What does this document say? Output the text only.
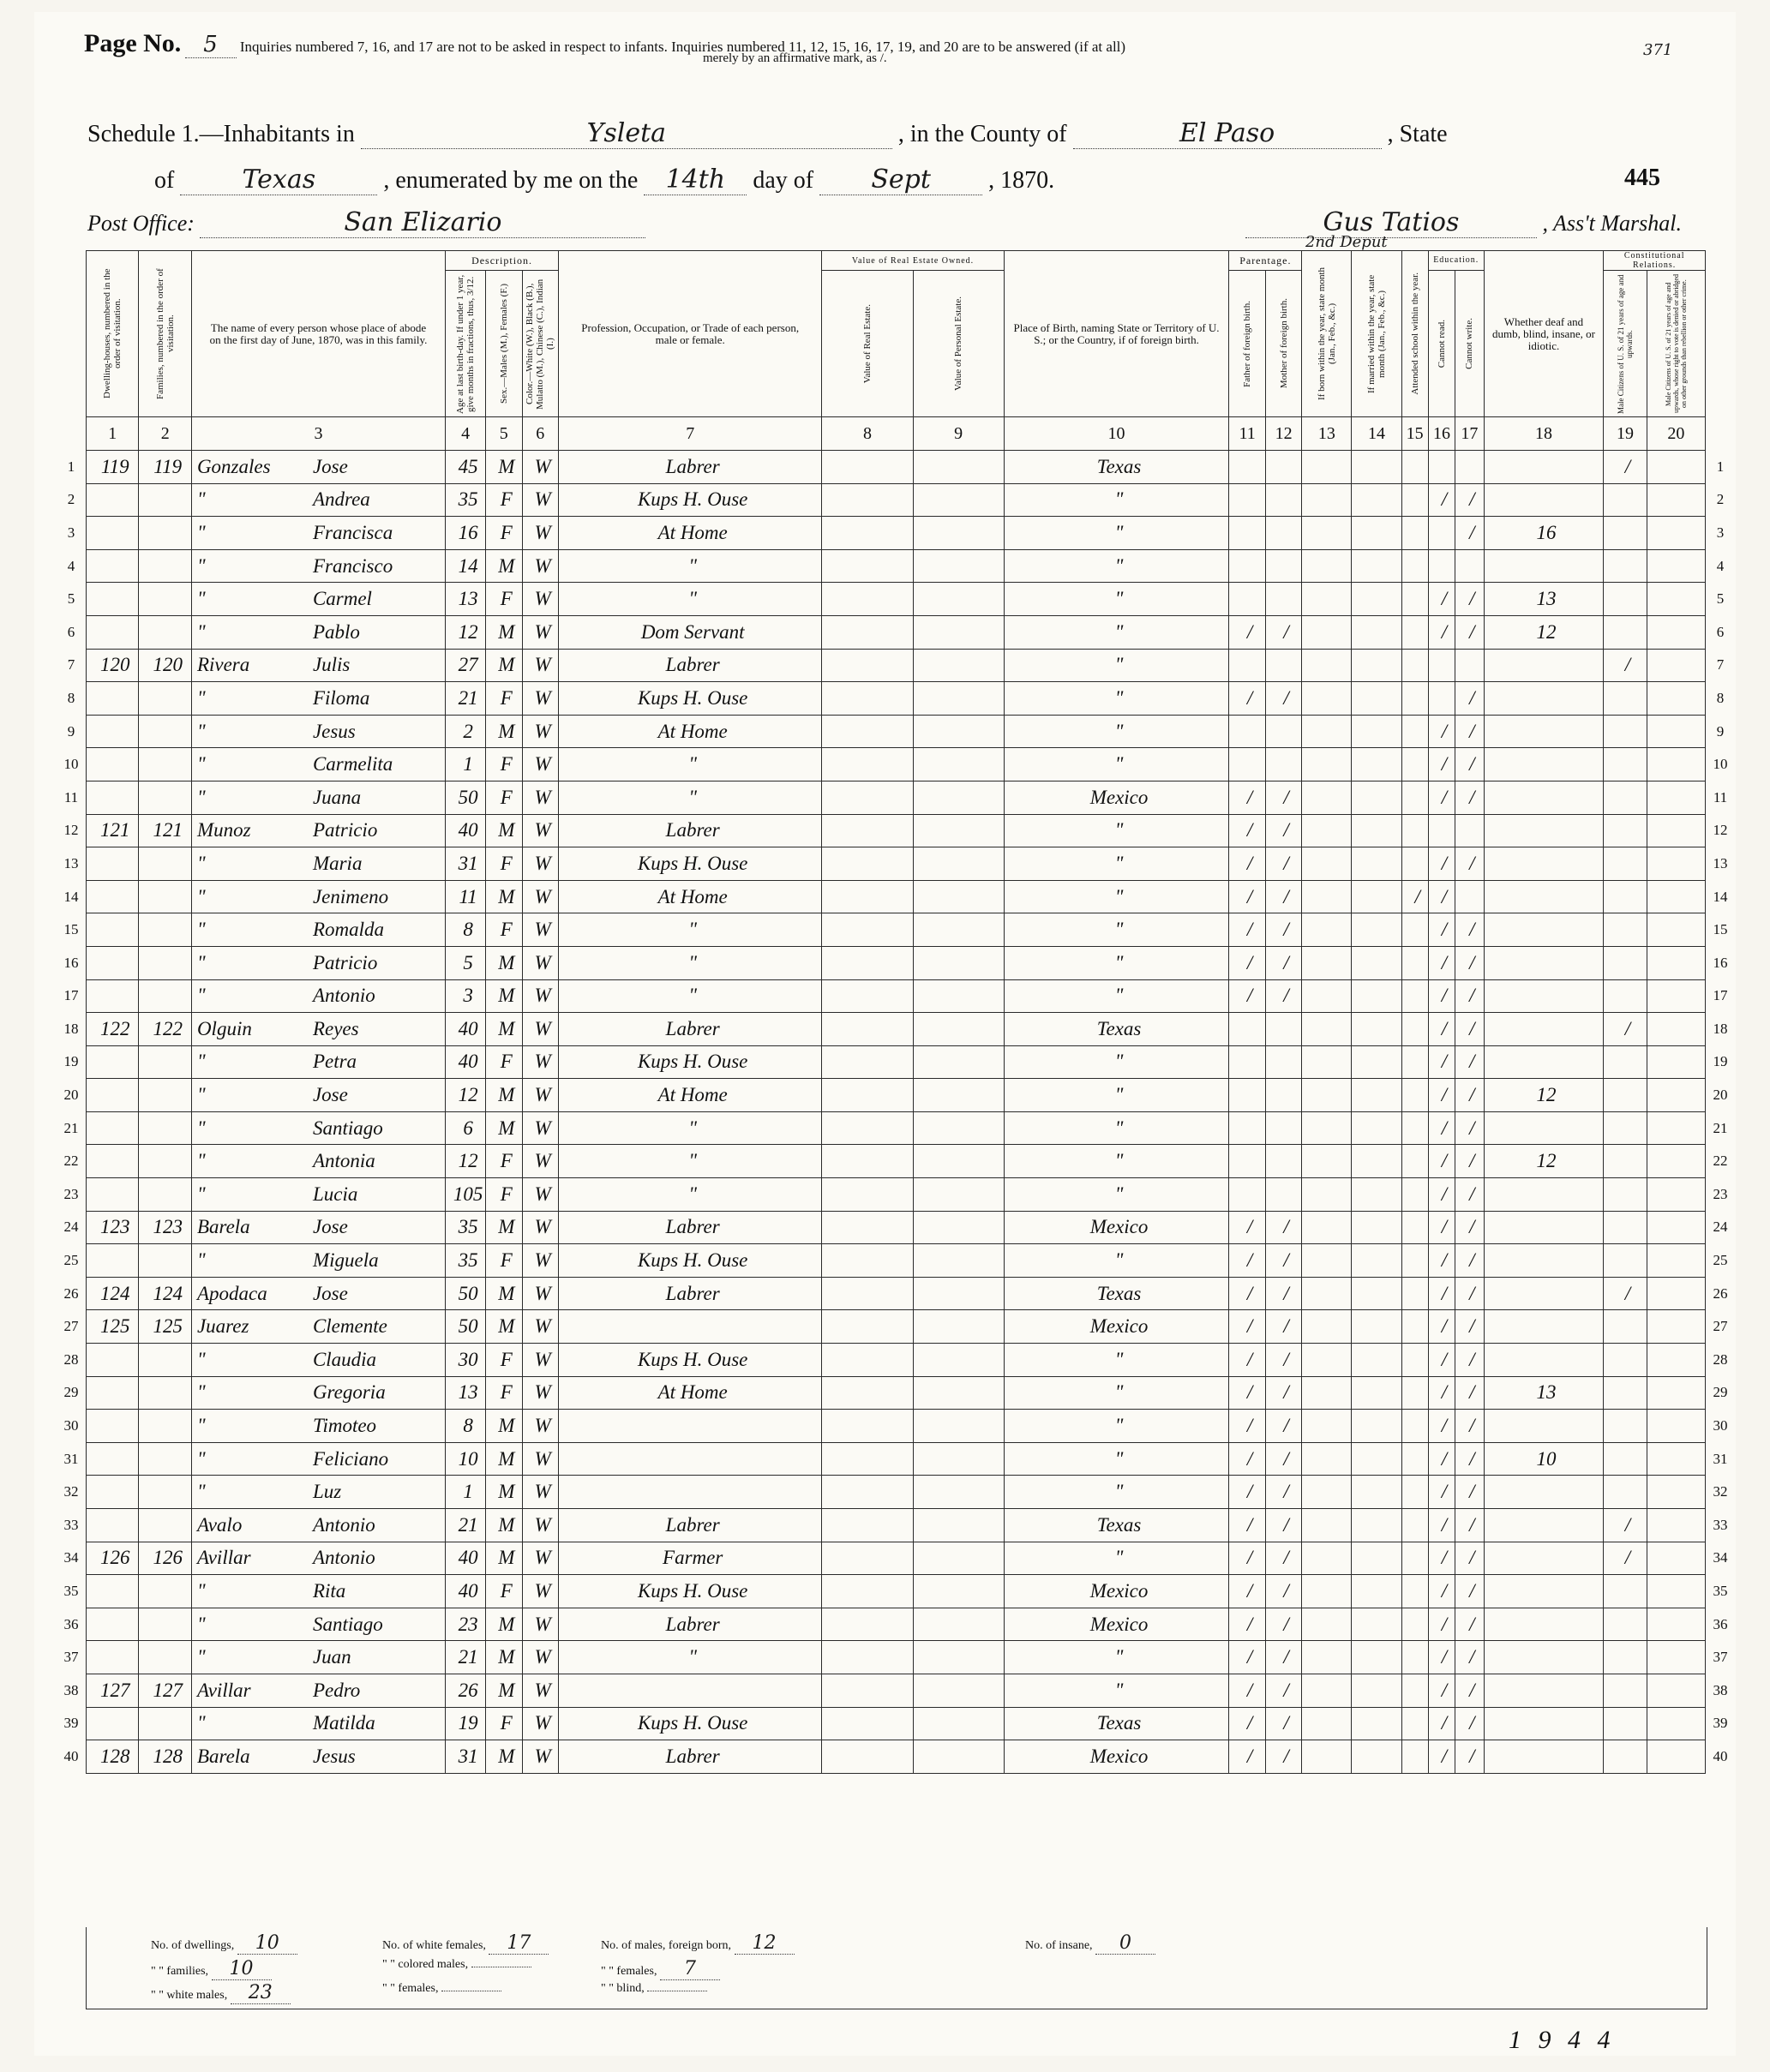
Page No. 5 Inquiries numbered 7, 16, and 17 are not to be asked in respect to infants. Inquiries numbered 11, 12, 15, 16, 17, 19, and 20 are to be answered (if at all)
merely by an affirmative mark, as /.	371
445
Schedule 1.—Inhabitants in	Ysleta	, in the County of	El Paso	, State
of	Texas	, enumerated by me on the 14th day of Sept , 1870.
Post Office:	San Elizario	Gus Tatios
2nd Deput
, Ass't Marshal.
Dwelling-houses, numbered in the order of visitation.	Families, numbered in the order of visitation.	The name of every person whose place of abode on the first day of June, 1870, was in this family.	Description.			Profession, Occupation, or Trade of each person, male or female.	Value of Real Estate Owned.		Place of Birth, naming State or Territory of U. S.; or the Country, if of foreign birth.	Parentage.		If born within the year, state month (Jan., Feb., &c.)	If married within the year, state month (Jan., Feb., &c.)	Attended school within the year.	Education.		Whether deaf and dumb, blind, insane, or idiotic.	Constitutional Relations.	

			Age at last birth-day. If under 1 year, give months in fractions, thus, 3/12.	Sex.—Males (M.), Females (F.)	Color.—White (W.), Black (B.), Mulatto (M.), Chinese (C.), Indian (I.)		Value of Real Estate.	Value of Personal Estate.		Father of foreign birth.	Mother of foreign birth.				Cannot read.	Cannot write.		Male Citizens of U. S. of 21 years of age and upwards.	Male Citizens of U. S. of 21 years of age and upwards, whose right to vote is denied or abridged on other grounds than rebellion or other crime.

1	2	3	4	5	6	7	8	9	10	11	12	13	14	15	16	17	18	19	20
119	119	Gonzales Jose	45	M	W	Labrer			Texas									/	
		" Andrea	35	F	W	Kups H. Ouse			"						/	/			
		" Francisca	16	F	W	At Home			"							/	16		
		" Francisco	14	M	W	"			"										
		" Carmel	13	F	W	"			"						/	/	13		
		" Pablo	12	M	W	Dom Servant			"	/	/				/	/	12		
120	120	Rivera Julis	27	M	W	Labrer			"									/	
		" Filoma	21	F	W	Kups H. Ouse			"	/	/					/			
		" Jesus	2	M	W	At Home			"						/	/			
		" Carmelita	1	F	W	"			"						/	/			
		" Juana	50	F	W	"			Mexico	/	/				/	/			
121	121	Munoz Patricio	40	M	W	Labrer			"	/	/								
		" Maria	31	F	W	Kups H. Ouse			"	/	/				/	/			
		" Jenimeno	11	M	W	At Home			"	/	/			/	/				
		" Romalda	8	F	W	"			"	/	/				/	/			
		" Patricio	5	M	W	"			"	/	/				/	/			
		" Antonio	3	M	W	"			"	/	/				/	/			
122	122	Olguin Reyes	40	M	W	Labrer			Texas						/	/		/	
		" Petra	40	F	W	Kups H. Ouse			"						/	/			
		" Jose	12	M	W	At Home			"						/	/	12		
		" Santiago	6	M	W	"			"						/	/			
		" Antonia	12	F	W	"			"						/	/	12		
		" Lucia	105	F	W	"			"						/	/			
123	123	Barela Jose	35	M	W	Labrer			Mexico	/	/				/	/			
		" Miguela	35	F	W	Kups H. Ouse			"	/	/				/	/			
124	124	Apodaca Jose	50	M	W	Labrer			Texas	/	/				/	/		/	
125	125	Juarez Clemente	50	M	W				Mexico	/	/				/	/			
		" Claudia	30	F	W	Kups H. Ouse			"	/	/				/	/			
		" Gregoria	13	F	W	At Home			"	/	/				/	/	13		
		" Timoteo	8	M	W				"	/	/				/	/			
		" Feliciano	10	M	W				"	/	/				/	/	10		
		" Luz	1	M	W				"	/	/				/	/			
		Avalo Antonio	21	M	W	Labrer			Texas	/	/				/	/		/	
126	126	Avillar Antonio	40	M	W	Farmer			"	/	/				/	/		/	
		" Rita	40	F	W	Kups H. Ouse			Mexico	/	/				/	/			
		" Santiago	23	M	W	Labrer			Mexico	/	/				/	/			
		" Juan	21	M	W	"			"	/	/				/	/			
127	127	Avillar Pedro	26	M	W				"	/	/				/	/			
		" Matilda	19	F	W	Kups H. Ouse			Texas	/	/				/	/			
128	128	Barela Jesus	31	M	W	Labrer			Mexico	/	/				/	/			
No. of dwellings, 10
" " families, 10
" " white males, 23
No. of white females, 17
" " colored males,
" " females,
No. of males, foreign born, 12
" " females, 7
" " blind,
No. of insane, 0
1 9 4 4
1	1
2	2
3	3
4	4
5	5
6	6
7	7
8	8
9	9
10	10
11	11
12	12
13	13
14	14
15	15
16	16
17	17
18	18
19	19
20	20
21	21
22	22
23	23
24	24
25	25
26	26
27	27
28	28
29	29
30	30
31	31
32	32
33	33
34	34
35	35
36	36
37	37
38	38
39	39
40	40
